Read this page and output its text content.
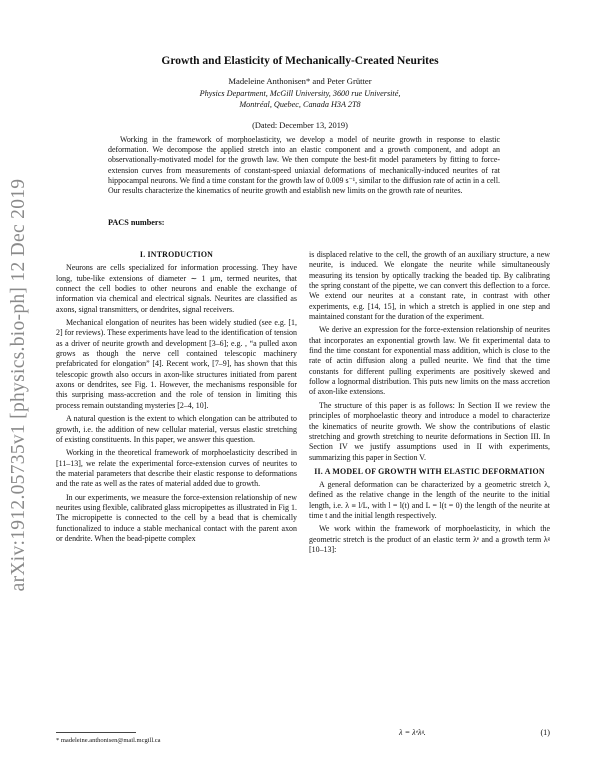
arXiv:1912.05735v1 [physics.bio-ph] 12 Dec 2019
Growth and Elasticity of Mechanically-Created Neurites
Madeleine Anthonisen* and Peter Grütter
Physics Department, McGill University, 3600 rue Université,
Montréal, Quebec, Canada H3A 2T8
(Dated: December 13, 2019)
Working in the framework of morphoelasticity, we develop a model of neurite growth in response to elastic deformation. We decompose the applied stretch into an elastic component and a growth component, and adopt an observationally-motivated model for the growth law. We then compute the best-fit model parameters by fitting to force-extension curves from measurements of constant-speed uniaxial deformations of mechanically-induced neurites of rat hippocampal neurons. We find a time constant for the growth law of 0.009 s⁻¹, similar to the diffusion rate of actin in a cell. Our results characterize the kinematics of neurite growth and establish new limits on the growth rate of neurites.
PACS numbers:

I. INTRODUCTION

Neurons are cells specialized for information processing. They have long, tube-like extensions of diameter ∼ 1 μm, termed neurites, that connect the cell bodies to other neurons and enable the exchange of information via chemical and electrical signals. Neurites are classified as axons, signal transmitters, or dendrites, signal receivers.

Mechanical elongation of neurites has been widely studied (see e.g. [1, 2] for reviews). These experiments have lead to the identification of tension as a driver of neurite growth and development [3–6]; e.g. , “a pulled axon grows as though the nerve cell contained telescopic machinery prefabricated for elongation” [4]. Recent work, [7–9], has shown that this telescopic growth also occurs in axon-like structures initiated from parent axons or dendrites, see Fig. 1. However, the mechanisms responsible for this surprising mass-accretion and the role of tension in limiting this process remain outstanding mysteries [2–4, 10].

A natural question is the extent to which elongation can be attributed to growth, i.e. the addition of new cellular material, versus elastic stretching of existing constituents. In this paper, we answer this question.

Working in the theoretical framework of morphoelasticity described in [11–13], we relate the experimental force-extension curves of neurites to the material parameters that describe their elastic response to deformations and the rate as well as the rates of material added due to growth.

In our experiments, we measure the force-extension relationship of new neurites using flexible, calibrated glass micropipettes as illustrated in Fig 1. The micropipette is connected to the cell by a bead that is chemically functionalized to induce a stable mechanical contact with the parent axon or dendrite. When the bead-pipette complex

is displaced relative to the cell, the growth of an auxiliary structure, a new neurite, is induced. We elongate the neurite while simultaneously measuring its tension by optically tracking the beaded tip. By calibrating the spring constant of the pipette, we can convert this deflection to a force. We extend our neurites at a constant rate, in contrast with other experiments, e.g. [14, 15], in which a stretch is applied in one step and maintained constant for the duration of the experiment.

We derive an expression for the force-extension relationship of neurites that incorporates an exponential growth law. We fit experimental data to find the time constant for exponential mass addition, which is close to the rate of actin diffusion along a pulled neurite. We find that the time constants for different pulling experiments are positively skewed and follow a lognormal distribution. This puts new limits on the mass accretion of axon-like extensions.

The structure of this paper is as follows: In Section II we review the principles of morphoelastic theory and introduce a model to characterize the kinematics of neurite growth. We show the contributions of elastic stretching and growth stretching to neurite deformations in Section III. In Section IV we justify assumptions used in II with experiments, summarizing this paper in Section V.

II. A MODEL OF GROWTH WITH ELASTIC DEFORMATION

A general deformation can be characterized by a geometric stretch λ, defined as the relative change in the length of the neurite to the initial length, i.e. λ ≡ l/L, with l = l(t) and L = l(t = 0) the length of the neurite at time t and the initial length respectively.

We work within the framework of morphoelasticity, in which the geometric stretch is the product of an elastic term λᵉ and a growth term λᵍ [10–13]:

* madeleine.anthonisen@mail.mcgill.ca
λ = λᵉλᵍ.	(1)
